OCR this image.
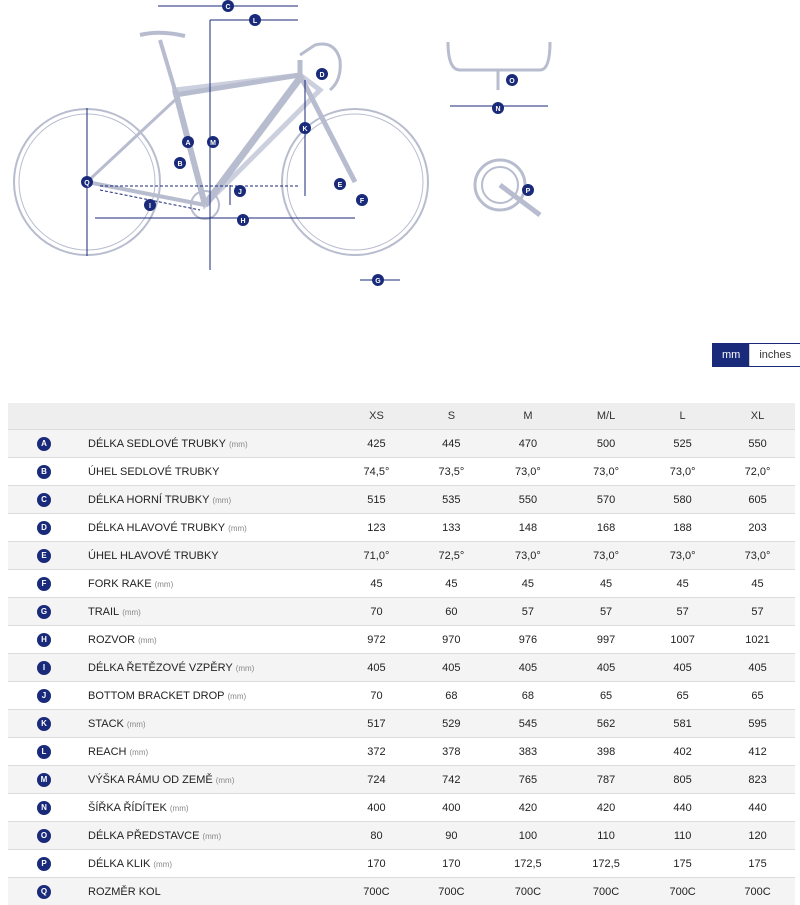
A
B
C
D
E
F
G
H
I
J
K
L
M
N
O
P
Q
mm	inches
		XS	S	M	M/L	L	XL
A	DÉLKA SEDLOVÉ TRUBKY (mm)	425	445	470	500	525	550
B	ÚHEL SEDLOVÉ TRUBKY	74,5°	73,5°	73,0°	73,0°	73,0°	72,0°
C	DÉLKA HORNÍ TRUBKY (mm)	515	535	550	570	580	605
D	DÉLKA HLAVOVÉ TRUBKY (mm)	123	133	148	168	188	203
E	ÚHEL HLAVOVÉ TRUBKY	71,0°	72,5°	73,0°	73,0°	73,0°	73,0°
F	FORK RAKE (mm)	45	45	45	45	45	45
G	TRAIL (mm)	70	60	57	57	57	57
H	ROZVOR (mm)	972	970	976	997	1007	1021
I	DÉLKA ŘETĚZOVÉ VZPĚRY (mm)	405	405	405	405	405	405
J	BOTTOM BRACKET DROP (mm)	70	68	68	65	65	65
K	STACK (mm)	517	529	545	562	581	595
L	REACH (mm)	372	378	383	398	402	412
M	VÝŠKA RÁMU OD ZEMĚ (mm)	724	742	765	787	805	823
N	ŠÍŘKA ŘÍDÍTEK (mm)	400	400	420	420	440	440
O	DÉLKA PŘEDSTAVCE (mm)	80	90	100	110	110	120
P	DÉLKA KLIK (mm)	170	170	172,5	172,5	175	175
Q	ROZMĚR KOL	700C	700C	700C	700C	700C	700C
